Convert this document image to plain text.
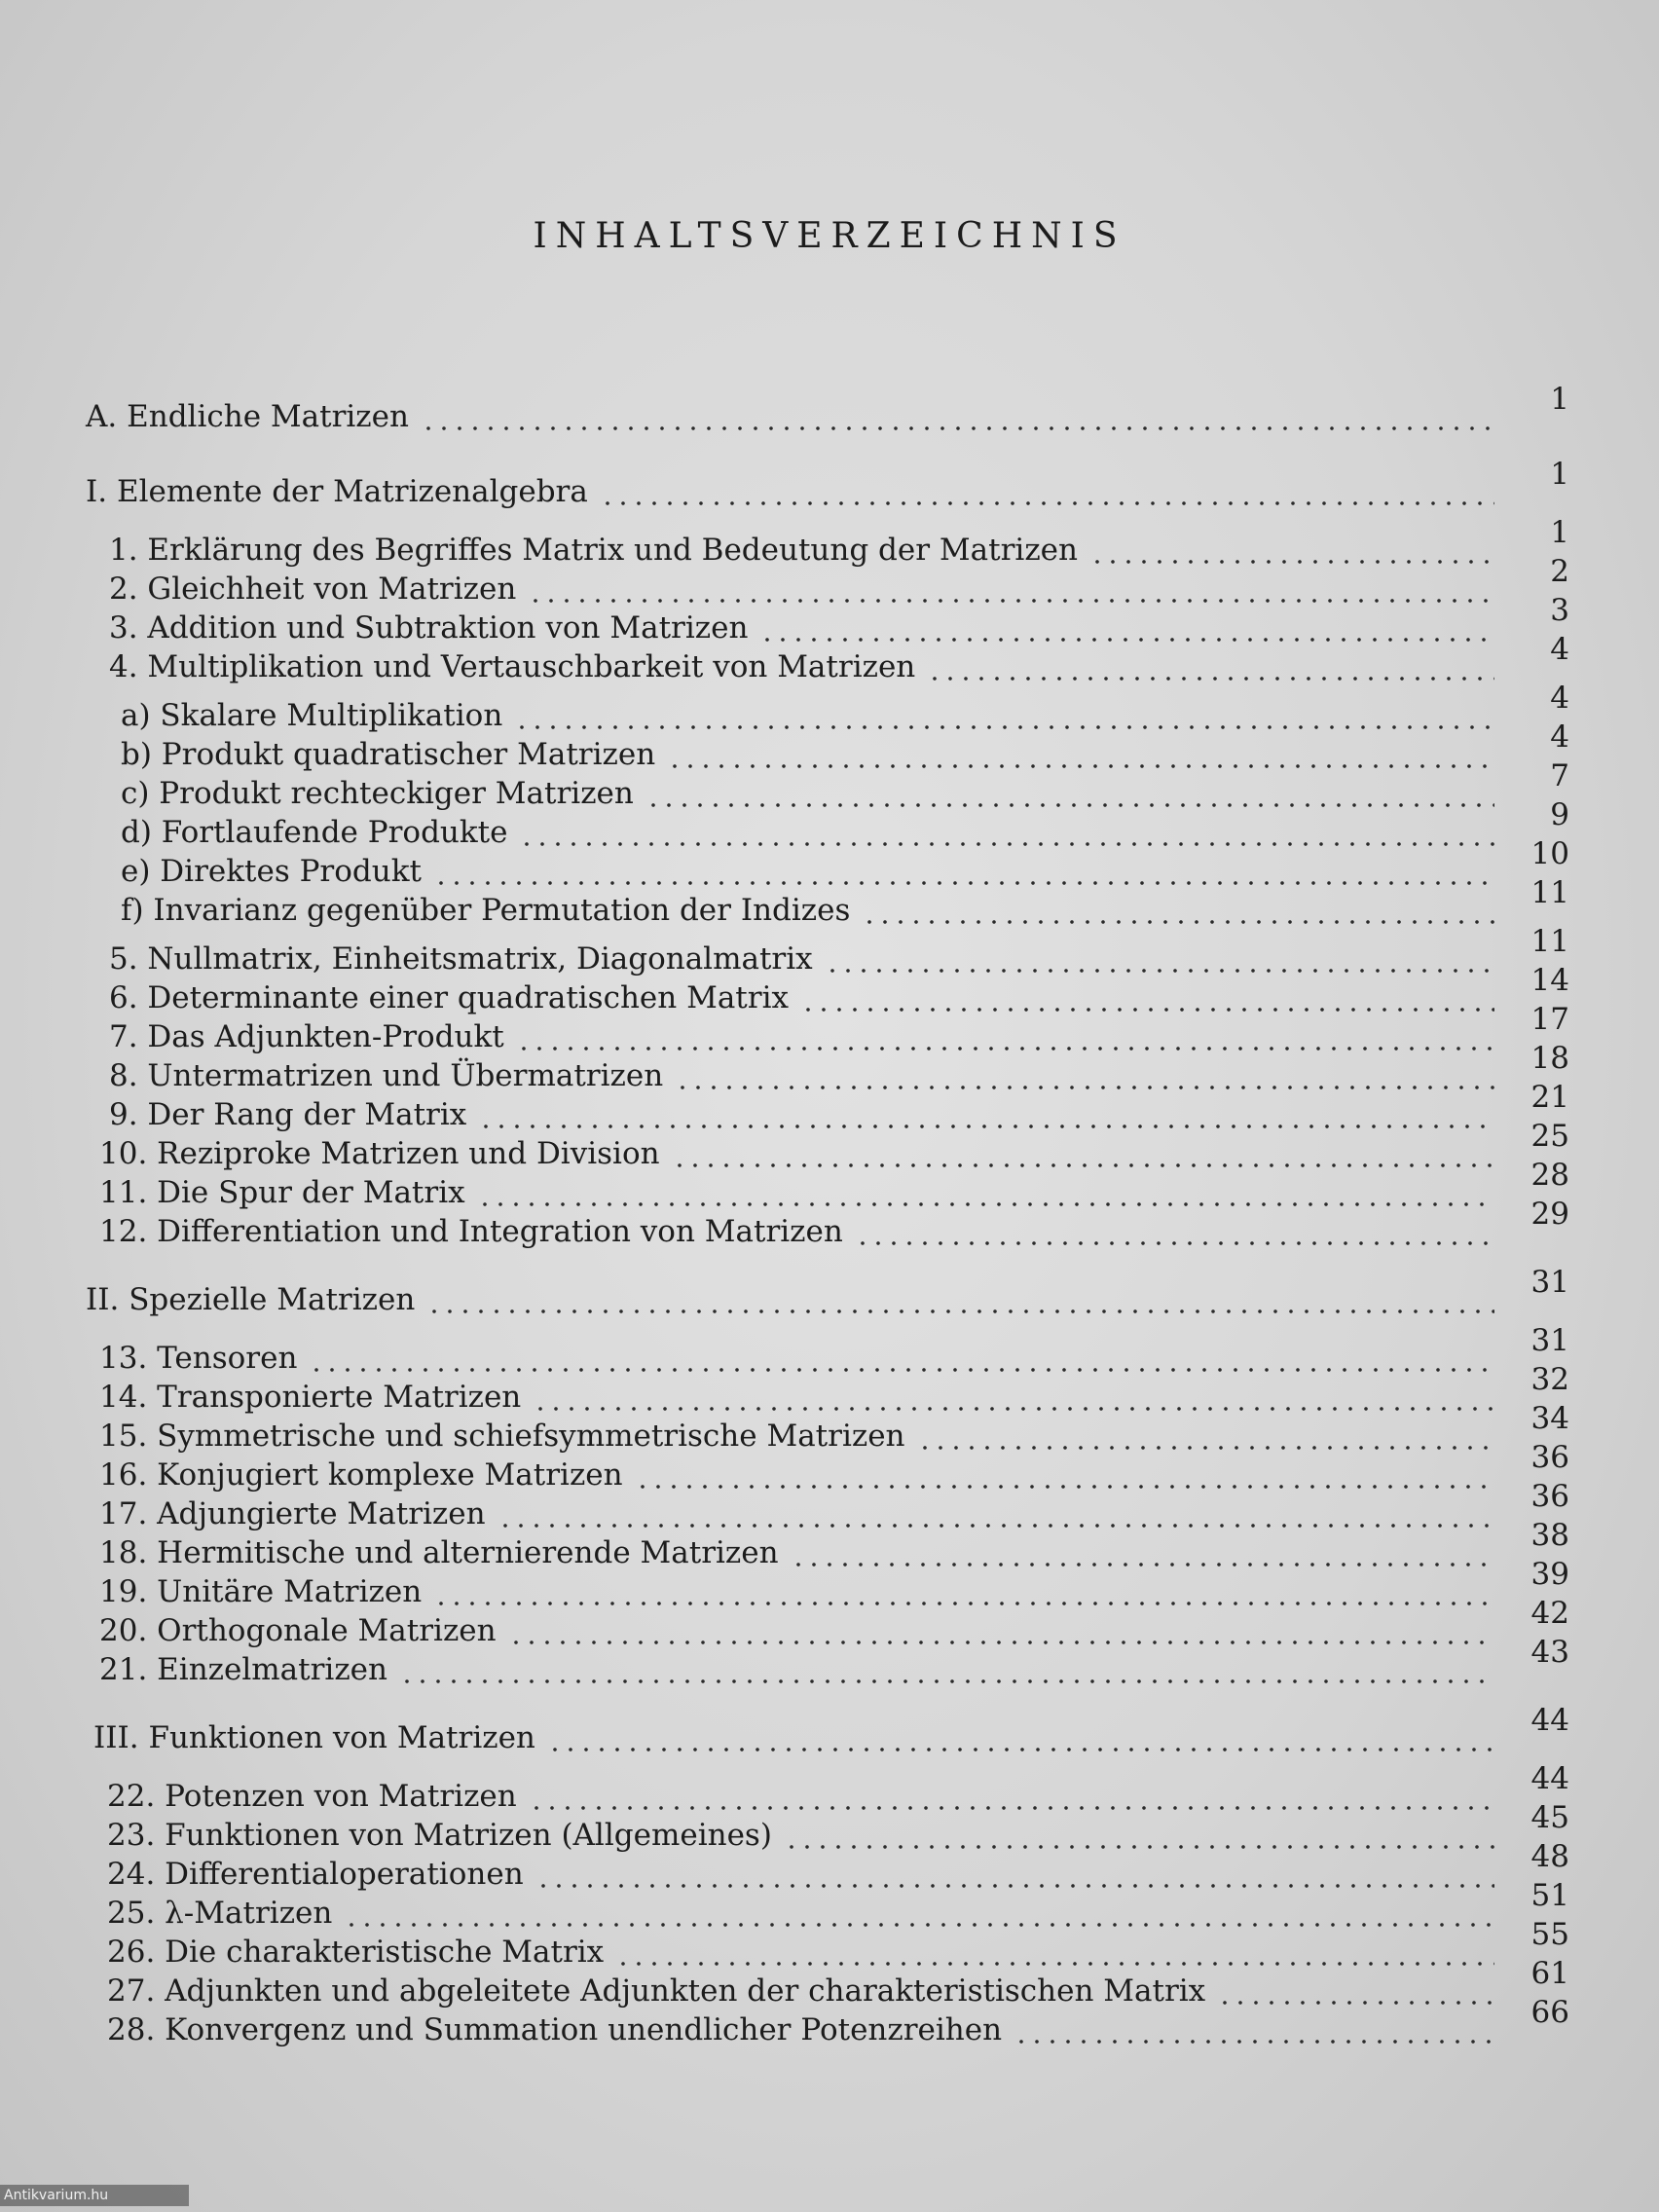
INHALTSVERZEICHNIS
A. Endliche Matrizen	1
I. Elemente der Matrizenalgebra	1
1. Erklärung des Begriffes Matrix und Bedeutung der Matrizen	1
2. Gleichheit von Matrizen	2
3. Addition und Subtraktion von Matrizen	3
4. Multiplikation und Vertauschbarkeit von Matrizen	4
a) Skalare Multiplikation	4
b) Produkt quadratischer Matrizen	4
c) Produkt rechteckiger Matrizen	7
d) Fortlaufende Produkte	9
e) Direktes Produkt	10
f) Invarianz gegenüber Permutation der Indizes	11
5. Nullmatrix, Einheitsmatrix, Diagonalmatrix	11
6. Determinante einer quadratischen Matrix	14
7. Das Adjunkten-Produkt	17
8. Untermatrizen und Übermatrizen	18
9. Der Rang der Matrix	21
10. Reziproke Matrizen und Division	25
11. Die Spur der Matrix	28
12. Differentiation und Integration von Matrizen	29
II. Spezielle Matrizen	31
13. Tensoren	31
14. Transponierte Matrizen	32
15. Symmetrische und schiefsymmetrische Matrizen	34
16. Konjugiert komplexe Matrizen	36
17. Adjungierte Matrizen	36
18. Hermitische und alternierende Matrizen	38
19. Unitäre Matrizen	39
20. Orthogonale Matrizen	42
21. Einzelmatrizen	43
III. Funktionen von Matrizen	44
22. Potenzen von Matrizen	44
23. Funktionen von Matrizen (Allgemeines)	45
24. Differentialoperationen	48
25. λ-Matrizen	51
26. Die charakteristische Matrix	55
27. Adjunkten und abgeleitete Adjunkten der charakteristischen Matrix	61
28. Konvergenz und Summation unendlicher Potenzreihen	66
Antikvarium.hu
